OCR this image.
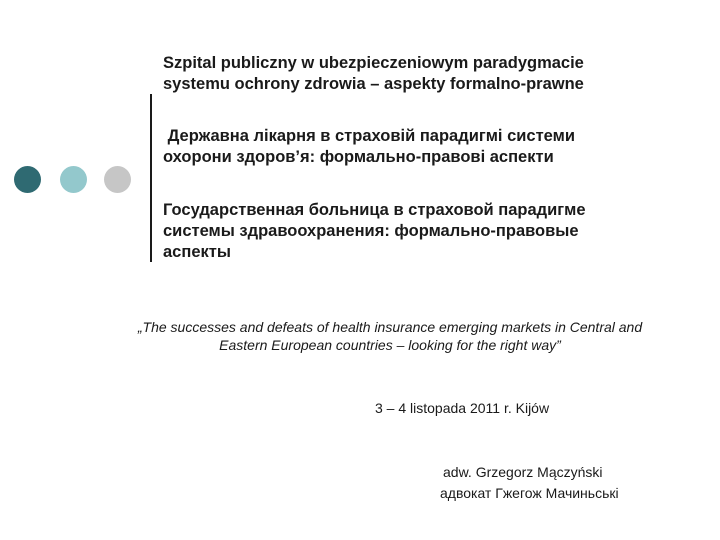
Szpital publiczny w ubezpieczeniowym paradygmacie
systemu ochrony zdrowia – aspekty formalno-prawne
Державна лікарня в страховій парадигмі системи
охорони здоров’я: формально-правові аспекти
Государственная больница в страховой парадигме
системы здравоохранения: формально-правовые
аспекты
„The successes and defeats of health insurance emerging markets in Central and
Eastern European countries – looking for the right way”
3 – 4 listopada 2011 r. Kijów
adw. Grzegorz Mączyński
адвокат Гжегож Мачиньські
